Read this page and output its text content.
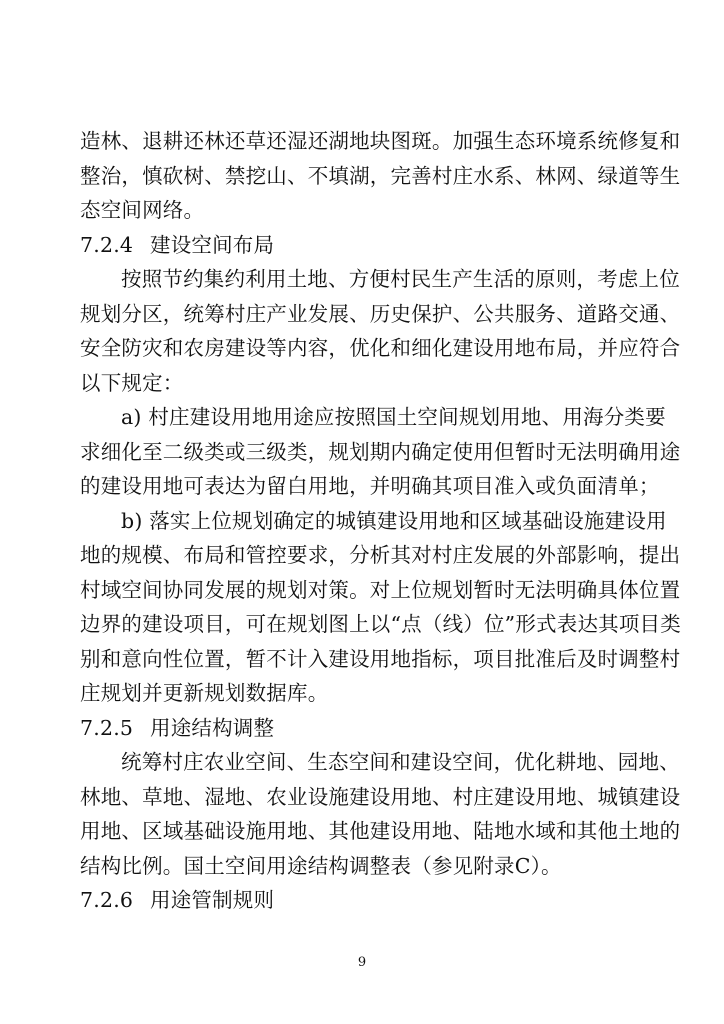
造林、退耕还林还草还湿还湖地块图斑。加强生态环境系统修复和
整治，慎砍树、禁挖山、不填湖，完善村庄水系、林网、绿道等生
态空间网络。
7.2.4 建设空间布局
按照节约集约利用土地、方便村民生产生活的原则，考虑上位
规划分区，统筹村庄产业发展、历史保护、公共服务、道路交通、
安全防灾和农房建设等内容，优化和细化建设用地布局，并应符合
以下规定：
a) 村庄建设用地用途应按照国土空间规划用地、用海分类要
求细化至二级类或三级类，规划期内确定使用但暂时无法明确用途
的建设用地可表达为留白用地，并明确其项目准入或负面清单；
b) 落实上位规划确定的城镇建设用地和区域基础设施建设用
地的规模、布局和管控要求，分析其对村庄发展的外部影响，提出
村域空间协同发展的规划对策。对上位规划暂时无法明确具体位置
边界的建设项目，可在规划图上以“点（线）位”形式表达其项目类
别和意向性位置，暂不计入建设用地指标，项目批准后及时调整村
庄规划并更新规划数据库。
7.2.5 用途结构调整
统筹村庄农业空间、生态空间和建设空间，优化耕地、园地、
林地、草地、湿地、农业设施建设用地、村庄建设用地、城镇建设
用地、区域基础设施用地、其他建设用地、陆地水域和其他土地的
结构比例。国土空间用途结构调整表（参见附录C）。
7.2.6 用途管制规则
9
